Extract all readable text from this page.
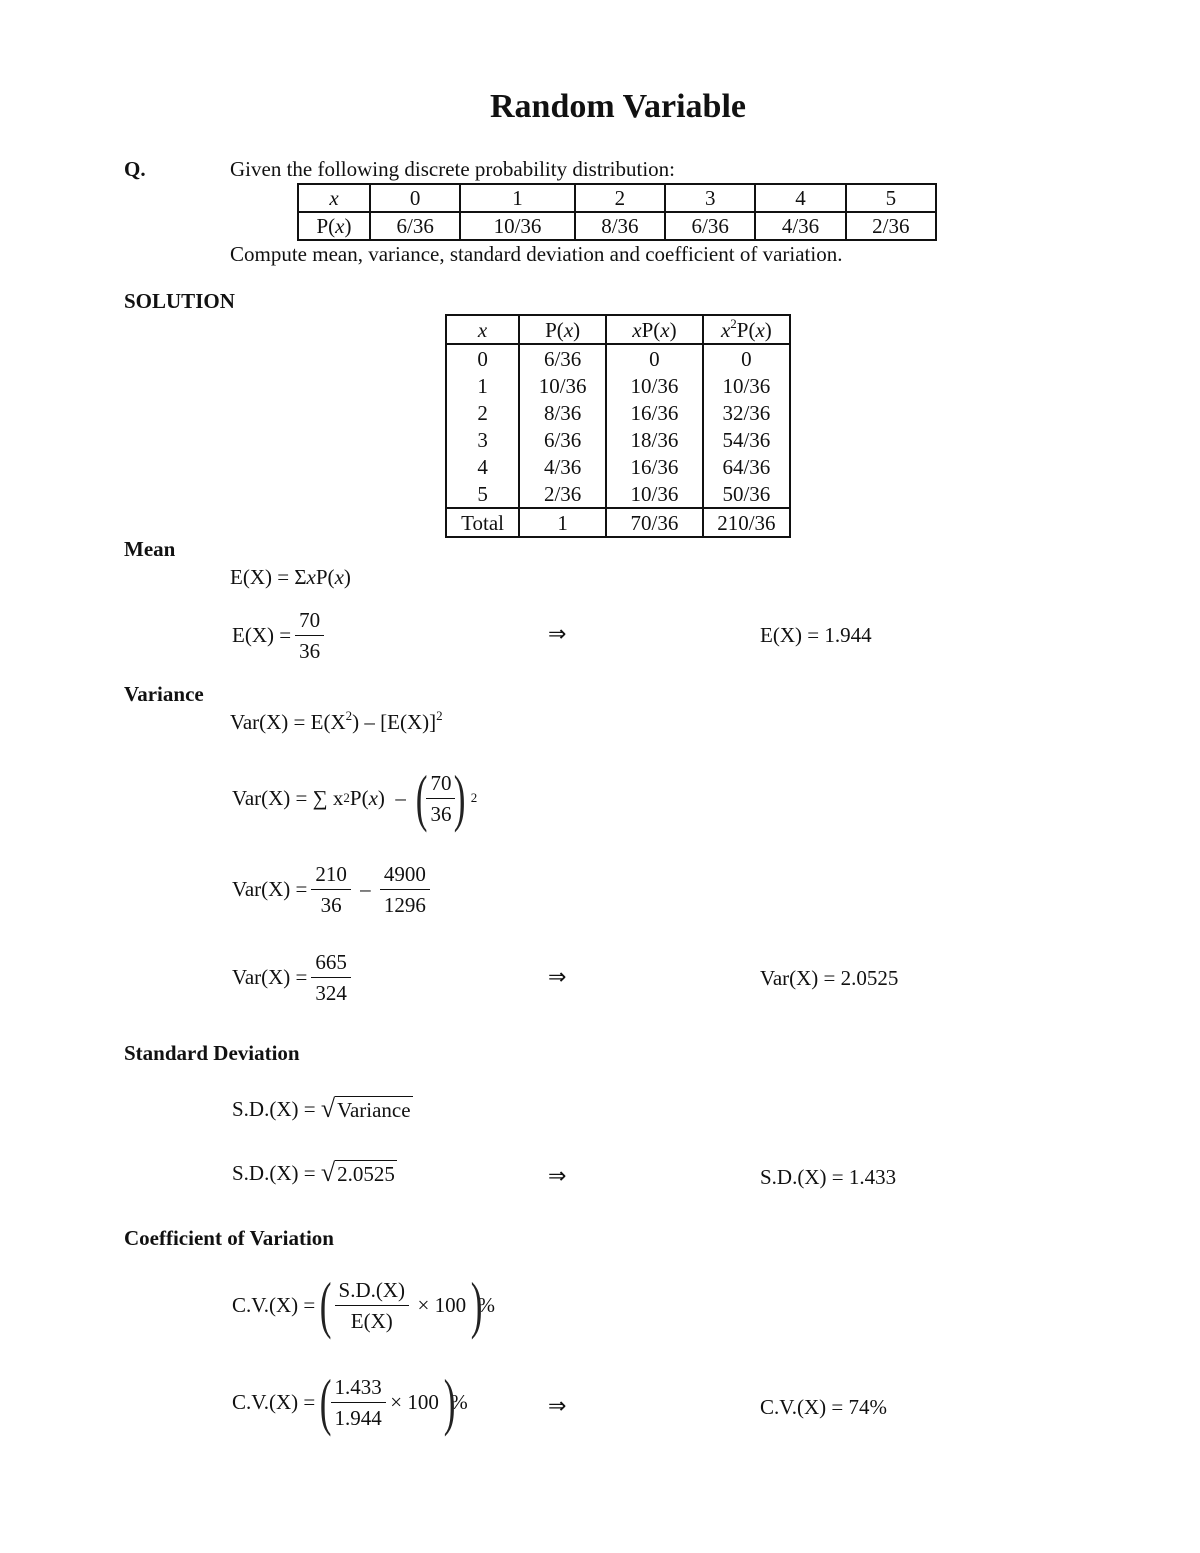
Random Variable
Q.	Given the following discrete probability distribution:
x	0	1	2	3	4	5
P(x)	6/36	10/36	8/36	6/36	4/36	2/36
Compute mean, variance, standard deviation and coefficient of variation.
SOLUTION
x	P(x)	xP(x)	$x^2P(x)$
0	6/36	0	0
1	10/36	10/36	10/36
2	8/36	16/36	32/36
3	6/36	18/36	54/36
4	4/36	16/36	64/36
5	2/36	10/36	50/36
Total	1	70/36	210/36
Mean
E(X) = ΣxP(x)
$E(X) = \frac{70}{36}$	⇒	E(X) = 1.944
Variance
$Var(X) = E(X^2) - [E(X)]^2$
Var(X) =
∑ x 2 P(x)
–
(
$\frac{70}{36}$
) 2
$Var(X) = \frac{210}{36}$
–
$\frac{4900}{1296}$
$Var(X) = \frac{665}{324}$	⇒	Var(X) = 2.0525
Standard Deviation
S.D.(X) =
√ Variance
S.D.(X) =
√ 2.0525	⇒	S.D.(X) = 1.433
Coefficient of Variation
C.V.(X) = ( $\frac{S.D.(X)}{E(X)}$
×
100 )
%
C.V.(X) = (
$\frac{1.433}{1.944}$
×
100 )
%	⇒	C.V.(X) = 74%
